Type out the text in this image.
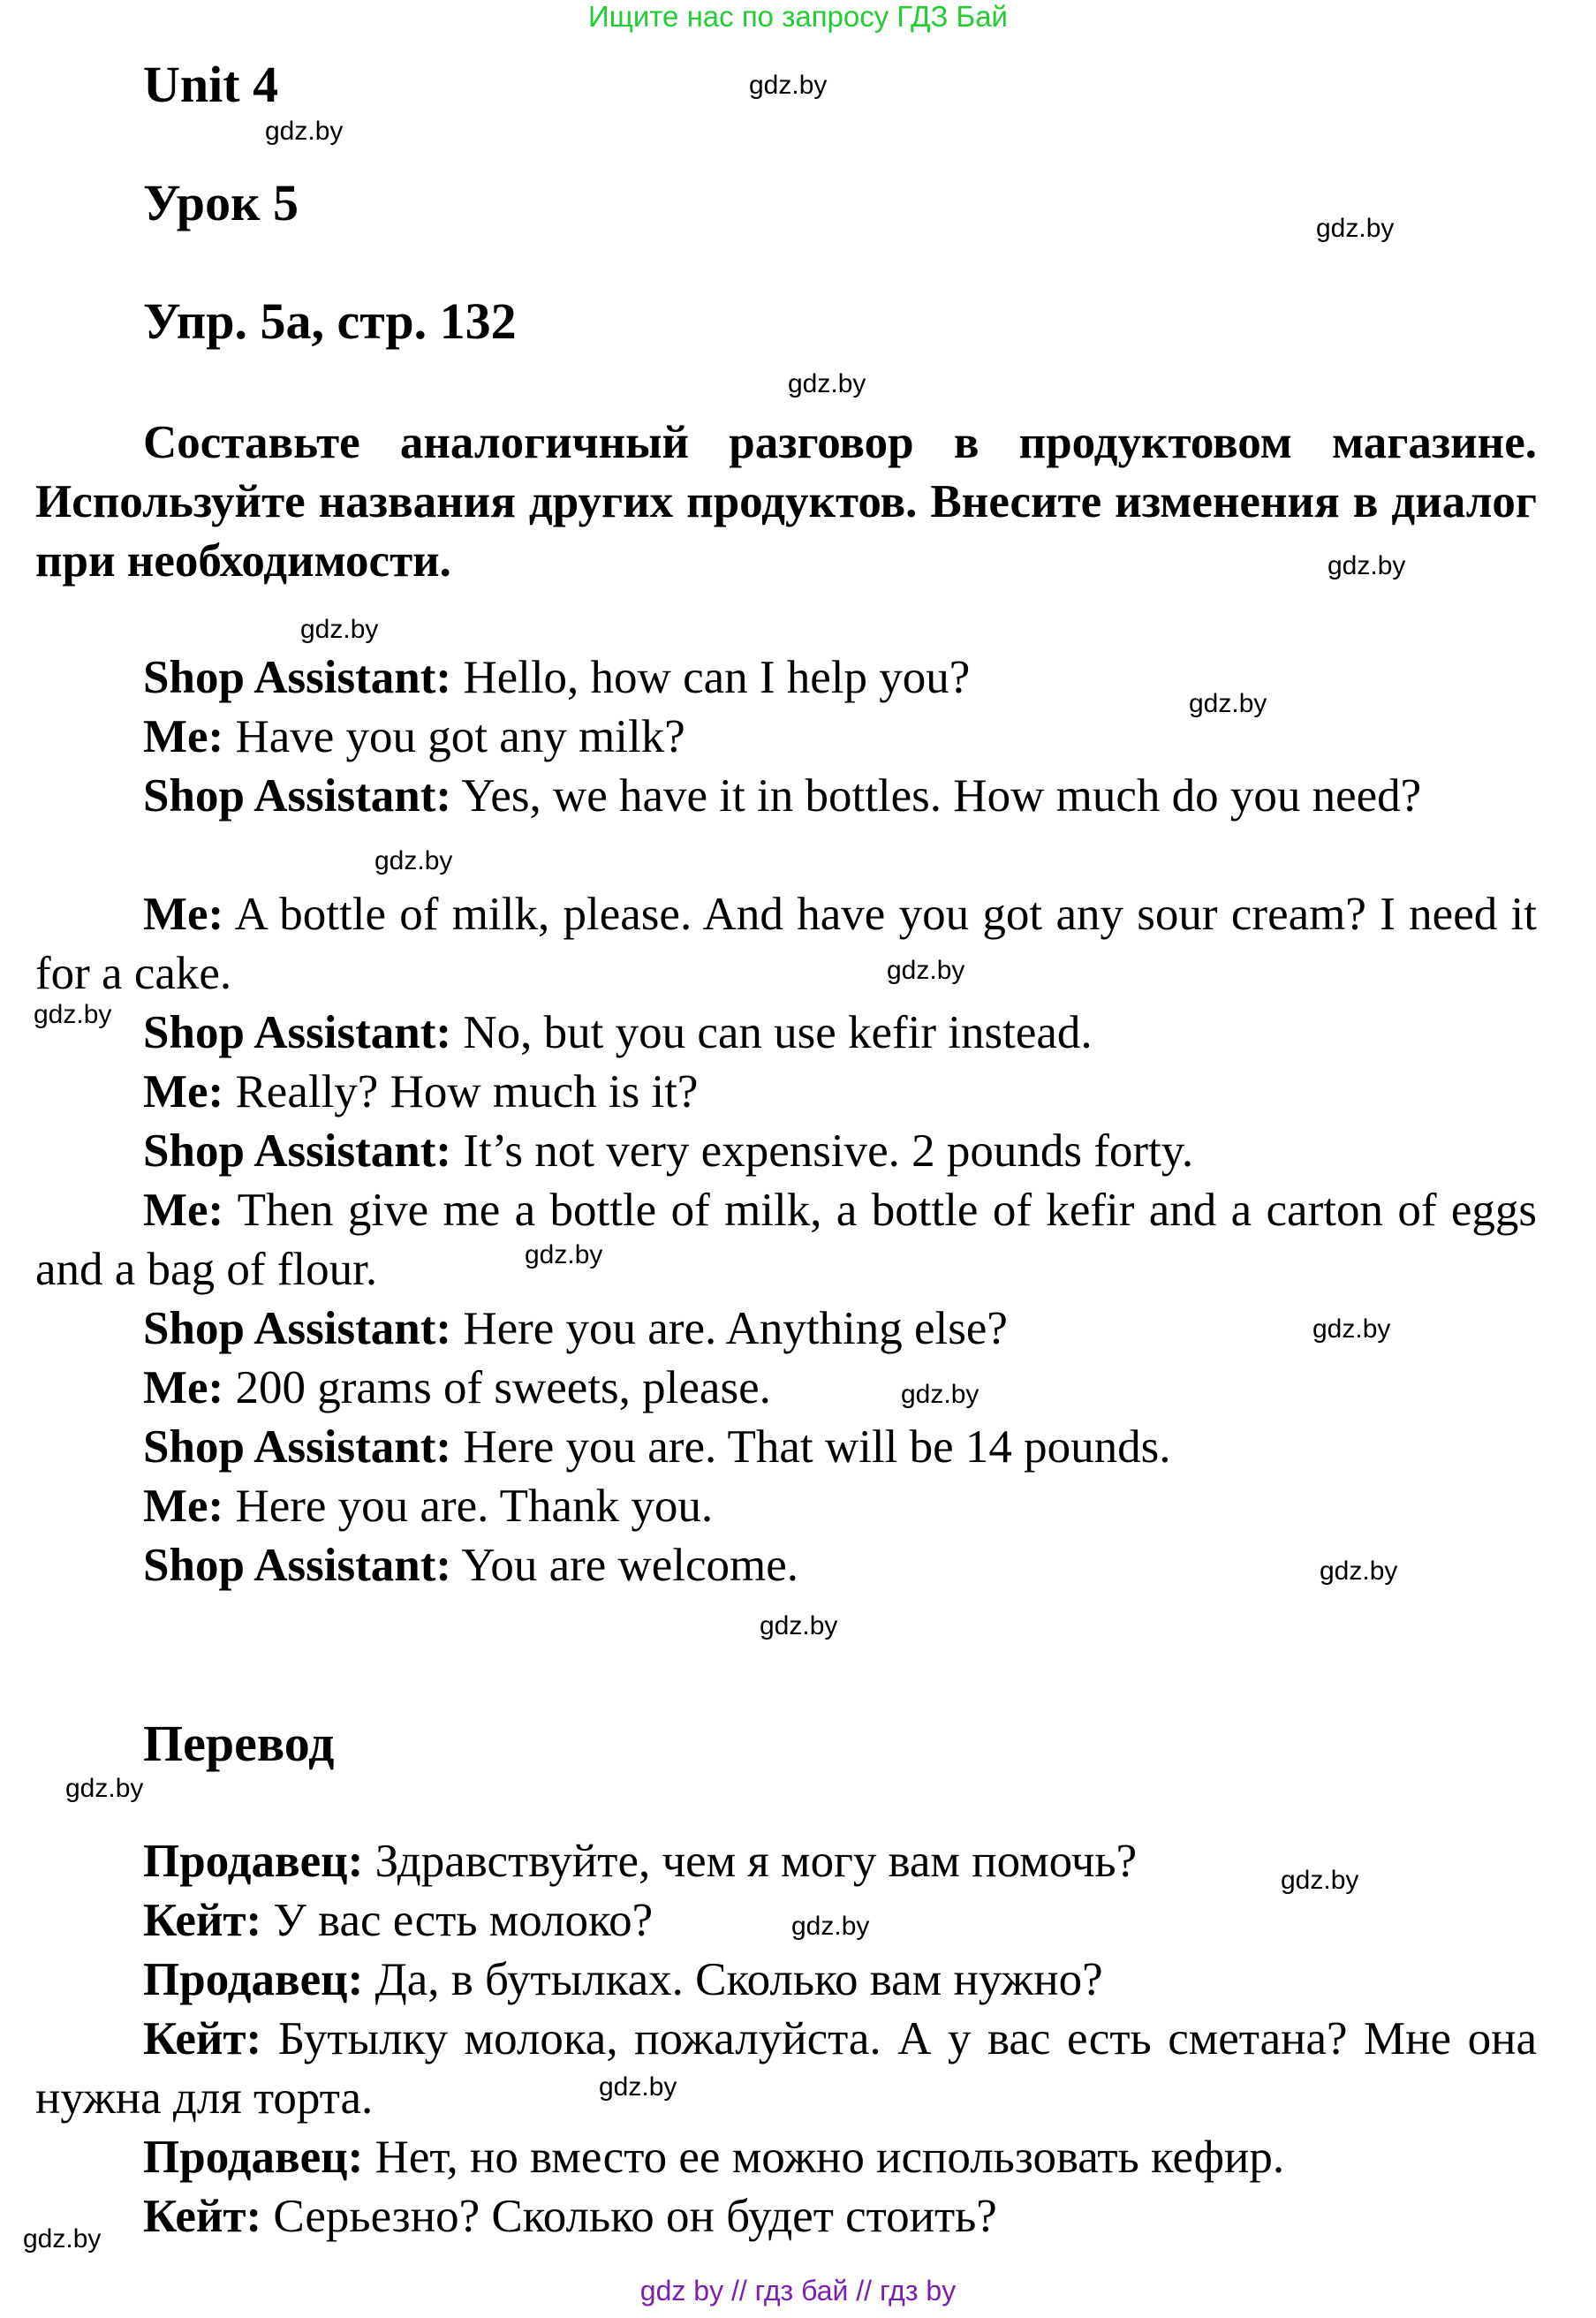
Ищите нас по запросу ГДЗ Бай
Unit 4
Урок 5
Упр. 5а, стр. 132
Составьте аналогичный разговор в продуктовом магазине. Используйте названия других продуктов. Внесите изменения в диалог при необходимости.
Shop Assistant: Hello, how can I help you?
Me: Have you got any milk?
Shop Assistant: Yes, we have it in bottles. How much do you need?
Me: A bottle of milk, please. And have you got any sour cream? I need it for a cake.
Shop Assistant: No, but you can use kefir instead.
Me: Really? How much is it?
Shop Assistant: It’s not very expensive. 2 pounds forty.
Me: Then give me a bottle of milk, a bottle of kefir and a carton of eggs and a bag of flour.
Shop Assistant: Here you are. Anything else?
Me: 200 grams of sweets, please.
Shop Assistant: Here you are. That will be 14 pounds.
Me: Here you are. Thank you.
Shop Assistant: You are welcome.
Перевод
Продавец: Здравствуйте, чем я могу вам помочь?
Кейт: У вас есть молоко?
Продавец: Да, в бутылках. Сколько вам нужно?
Кейт: Бутылку молока, пожалуйста. А у вас есть сметана? Мне она нужна для торта.
Продавец: Нет, но вместо ее можно использовать кефир.
Кейт: Серьезно? Сколько он будет стоить?
gdz.by
gdz.by
gdz.by
gdz.by
gdz.by
gdz.by
gdz.by
gdz.by
gdz.by
gdz.by
gdz.by
gdz.by
gdz.by
gdz.by
gdz.by
gdz.by
gdz.by
gdz.by
gdz.by
gdz.by
gdz by // гдз бай // гдз by
